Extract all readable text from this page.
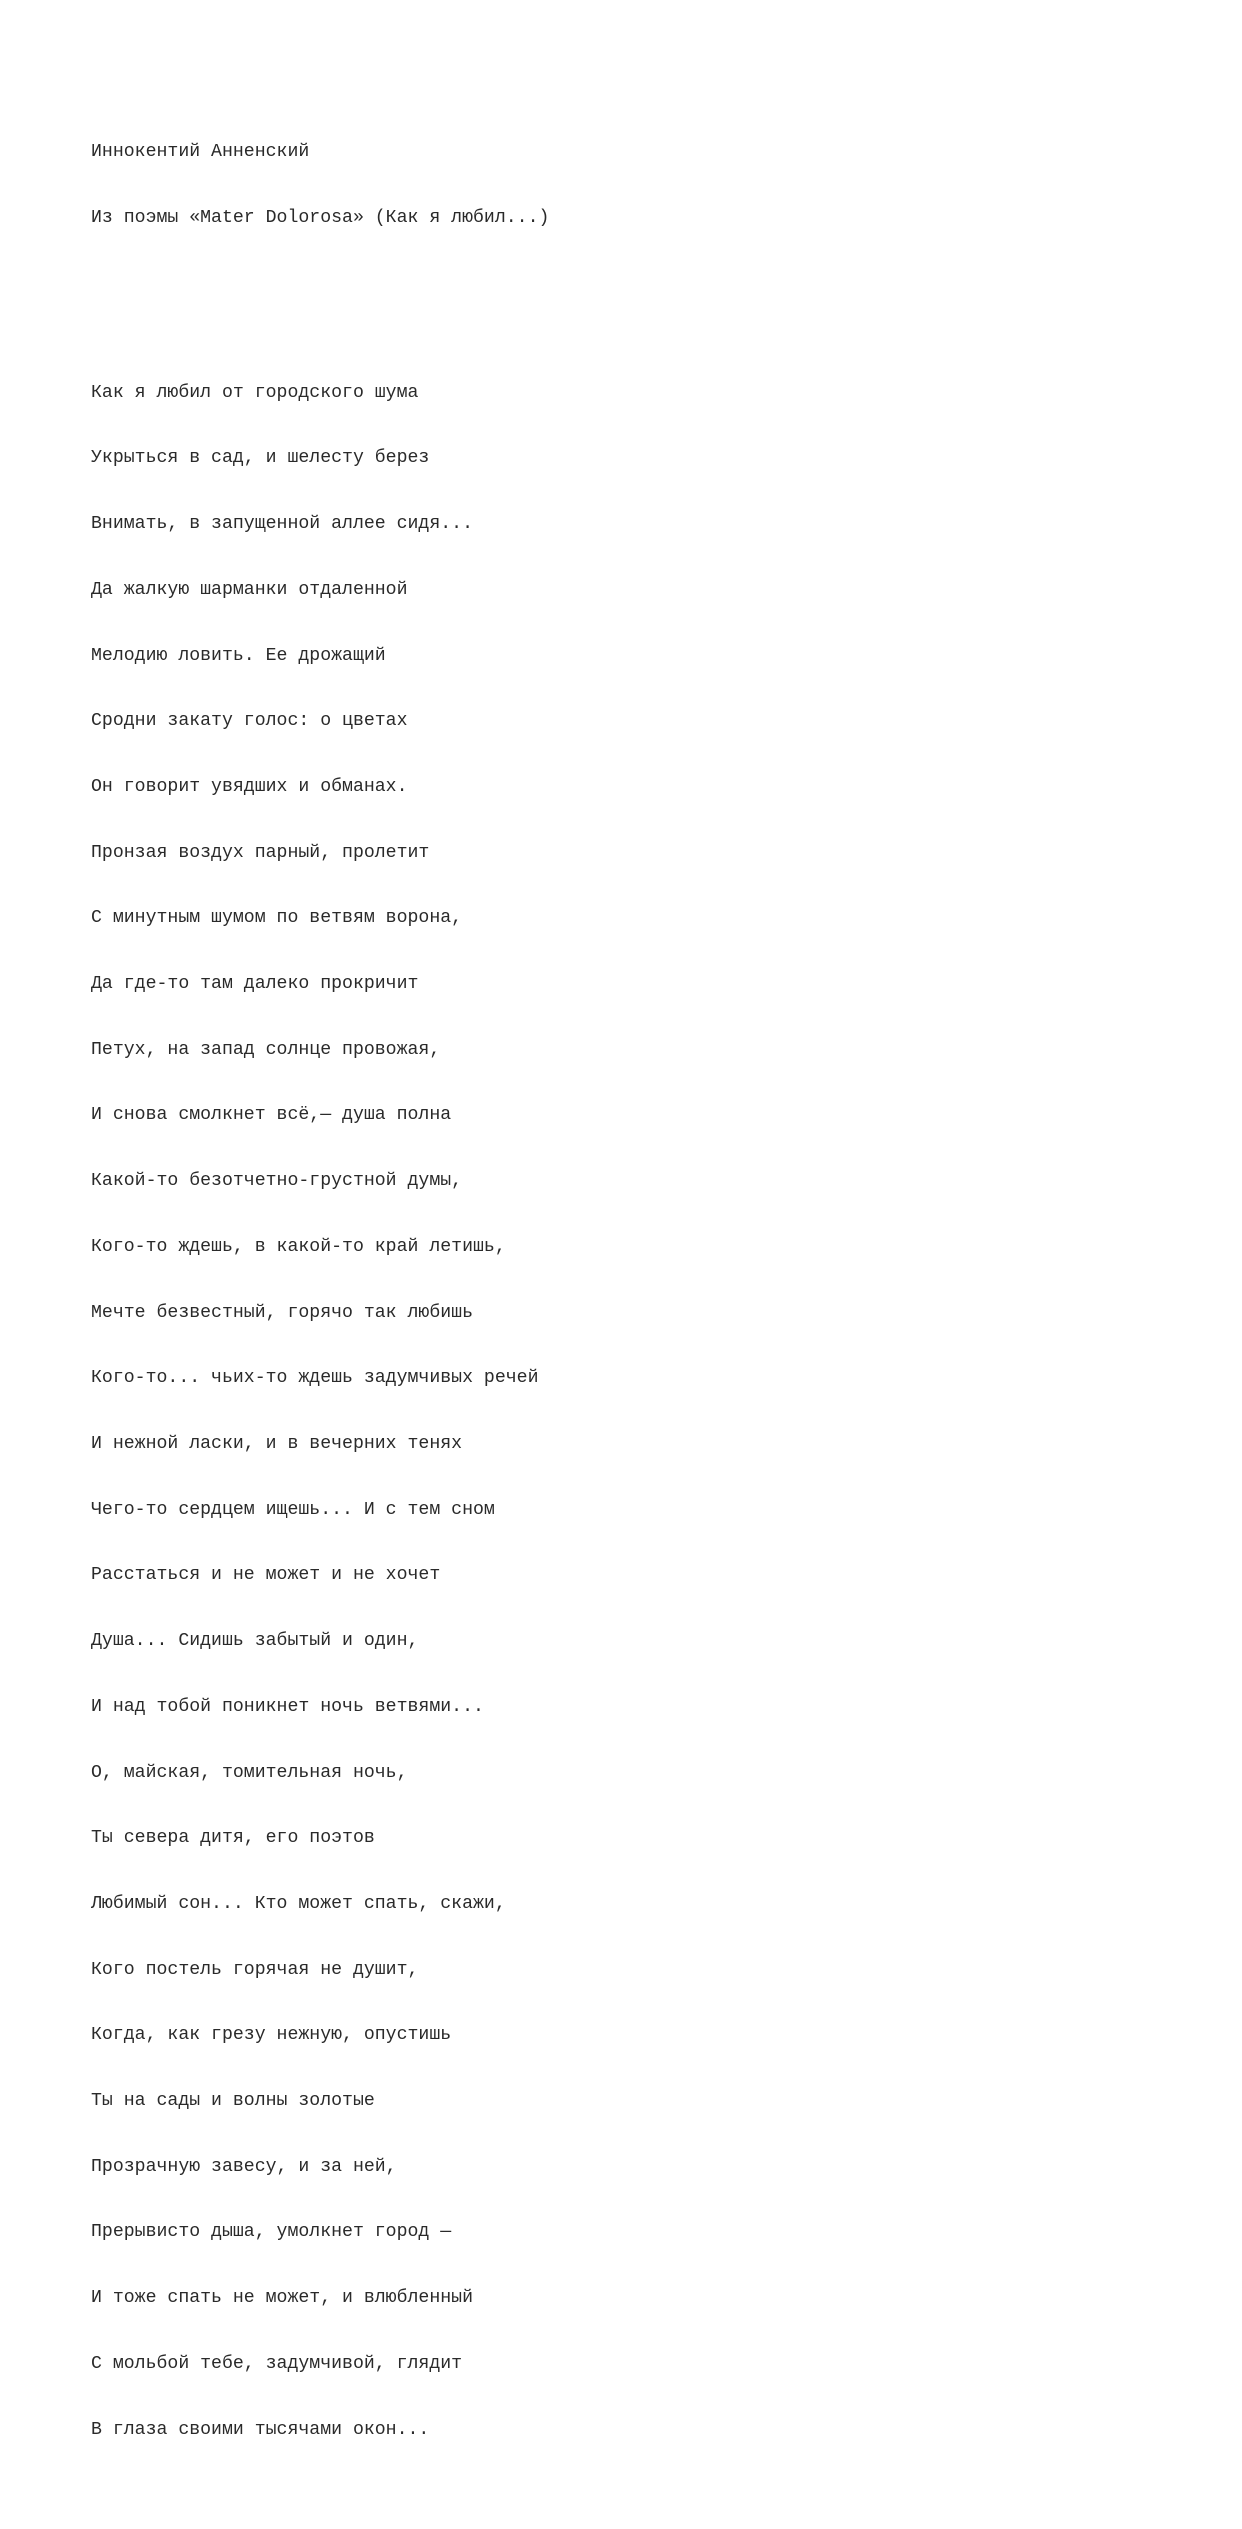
Иннокентий Анненский

Из поэмы «Mater Dolorosa» (Как я любил...)

Как я любил от городского шума

Укрыться в сад, и шелесту берез

Внимать, в запущенной аллее сидя...

Да жалкую шарманки отдаленной

Мелодию ловить. Ее дрожащий

Сродни закату голос: о цветах

Он говорит увядших и обманах.

Пронзая воздух парный, пролетит

С минутным шумом по ветвям ворона,

Да где-то там далеко прокричит

Петух, на запад солнце провожая,

И снова смолкнет всё,— душа полна

Какой-то безотчетно-грустной думы,

Кого-то ждешь, в какой-то край летишь,

Мечте безвестный, горячо так любишь

Кого-то... чьих-то ждешь задумчивых речей

И нежной ласки, и в вечерних тенях

Чего-то сердцем ищешь... И с тем сном

Расстаться и не может и не хочет

Душа... Сидишь забытый и один,

И над тобой поникнет ночь ветвями...

О, майская, томительная ночь,

Ты севера дитя, его поэтов

Любимый сон... Кто может спать, скажи,

Кого постель горячая не душит,

Когда, как грезу нежную, опустишь

Ты на сады и волны золотые

Прозрачную завесу, и за ней,

Прерывисто дыша, умолкнет город —

И тоже спать не может, и влюбленный

С мольбой тебе, задумчивой, глядит

В глаза своими тысячами окон...
